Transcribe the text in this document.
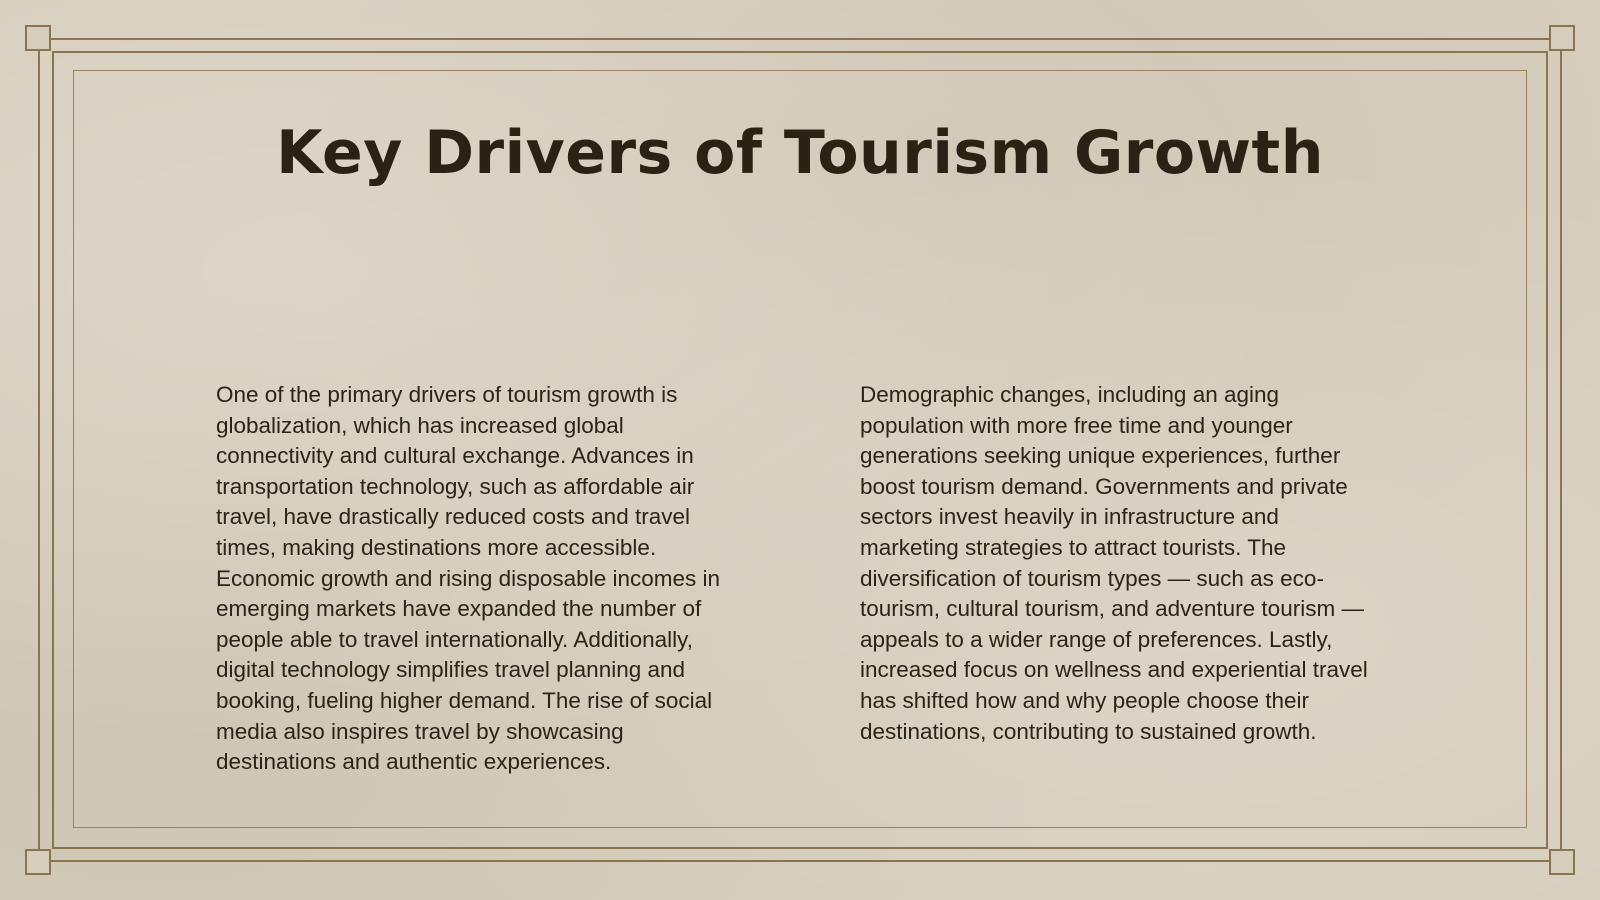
Key Drivers of Tourism Growth

One of the primary drivers of tourism growth is globalization, which has increased global connectivity and cultural exchange. Advances in transportation technology, such as affordable air travel, have drastically reduced costs and travel times, making destinations more accessible. Economic growth and rising disposable incomes in emerging markets have expanded the number of people able to travel internationally. Additionally, digital technology simplifies travel planning and booking, fueling higher demand. The rise of social media also inspires travel by showcasing destinations and authentic experiences.

Demographic changes, including an aging population with more free time and younger generations seeking unique experiences, further boost tourism demand. Governments and private sectors invest heavily in infrastructure and marketing strategies to attract tourists. The diversification of tourism types — such as eco-tourism, cultural tourism, and adventure tourism — appeals to a wider range of preferences. Lastly, increased focus on wellness and experiential travel has shifted how and why people choose their destinations, contributing to sustained growth.
